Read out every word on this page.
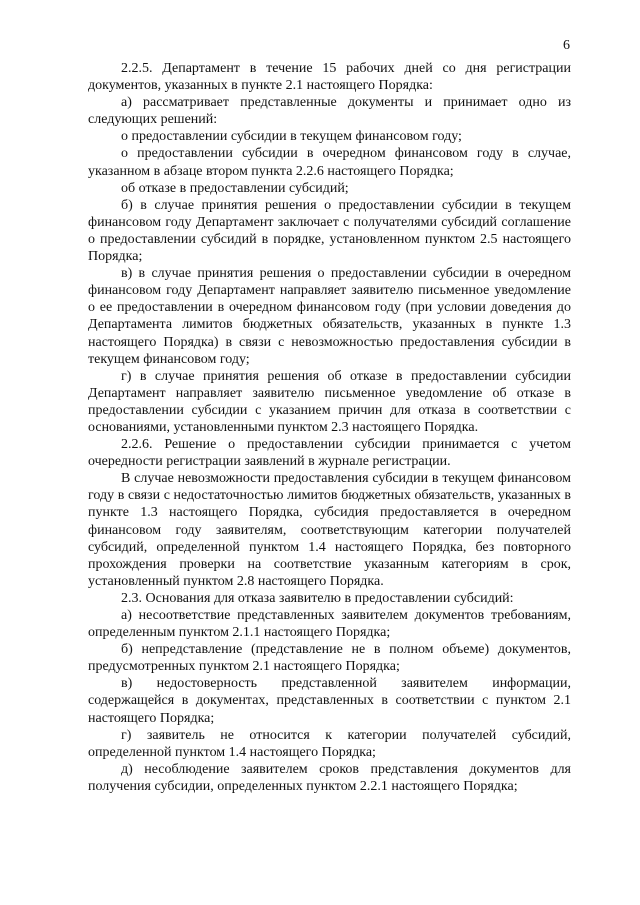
6

2.2.5. Департамент в течение 15 рабочих дней со дня регистрации документов, указанных в пункте 2.1 настоящего Порядка:

а) рассматривает представленные документы и принимает одно из следующих решений:

о предоставлении субсидии в текущем финансовом году;

о предоставлении субсидии в очередном финансовом году в случае, указанном в абзаце втором пункта 2.2.6 настоящего Порядка;

об отказе в предоставлении субсидий;

б) в случае принятия решения о предоставлении субсидии в текущем финансовом году Департамент заключает с получателями субсидий соглашение о предоставлении субсидий в порядке, установленном пунктом 2.5 настоящего Порядка;

в) в случае принятия решения о предоставлении субсидии в очередном финансовом году Департамент направляет заявителю письменное уведомление о ее предоставлении в очередном финансовом году (при условии доведения до Департамента лимитов бюджетных обязательств, указанных в пункте 1.3 настоящего Порядка) в связи с невозможностью предоставления субсидии в текущем финансовом году;

г) в случае принятия решения об отказе в предоставлении субсидии Департамент направляет заявителю письменное уведомление об отказе в предоставлении субсидии с указанием причин для отказа в соответствии с основаниями, установленными пунктом 2.3 настоящего Порядка.

2.2.6. Решение о предоставлении субсидии принимается с учетом очередности регистрации заявлений в журнале регистрации.

В случае невозможности предоставления субсидии в текущем финансовом году в связи с недостаточностью лимитов бюджетных обязательств, указанных в пункте 1.3 настоящего Порядка, субсидия предоставляется в очередном финансовом году заявителям, соответствующим категории получателей субсидий, определенной пунктом 1.4 настоящего Порядка, без повторного прохождения проверки на соответствие указанным категориям в срок, установленный пунктом 2.8 настоящего Порядка.

2.3. Основания для отказа заявителю в предоставлении субсидий:

а) несоответствие представленных заявителем документов требованиям, определенным пунктом 2.1.1 настоящего Порядка;

б) непредставление (представление не в полном объеме) документов, предусмотренных пунктом 2.1 настоящего Порядка;

в) недостоверность представленной заявителем информации, содержащейся в документах, представленных в соответствии с пунктом 2.1 настоящего Порядка;

г) заявитель не относится к категории получателей субсидий, определенной пунктом 1.4 настоящего Порядка;

д) несоблюдение заявителем сроков представления документов для получения субсидии, определенных пунктом 2.2.1 настоящего Порядка;
